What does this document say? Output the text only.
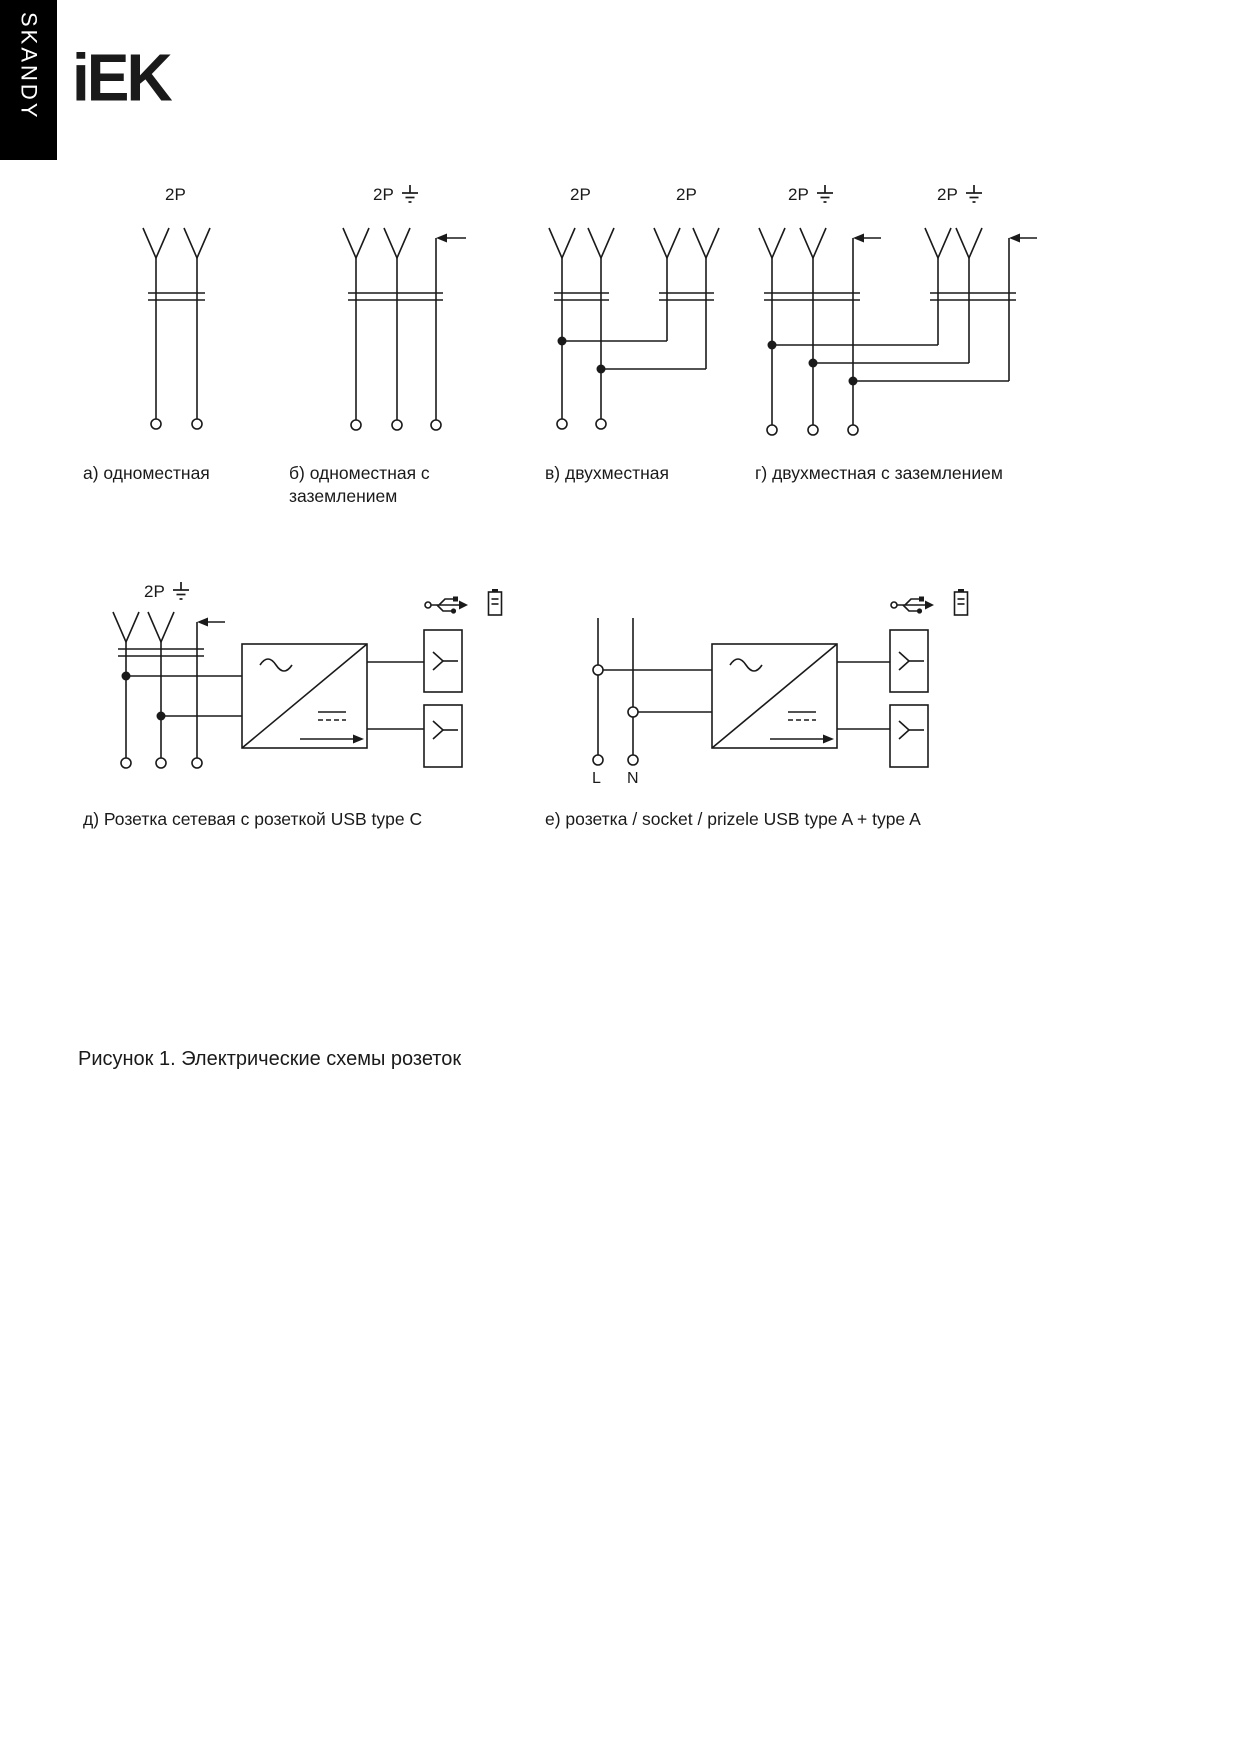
SKANDY iEK
2P	2P	2P	2P	2P	2P
2P
L N
а) одноместная	б) одноместная с заземлением
в) двухместная	г) двухместная с заземлением
д) Розетка сетевая с розеткой USB type C	е) розетка / socket / prizele USB type A + type A
Рисунок 1. Электрические схемы розеток
